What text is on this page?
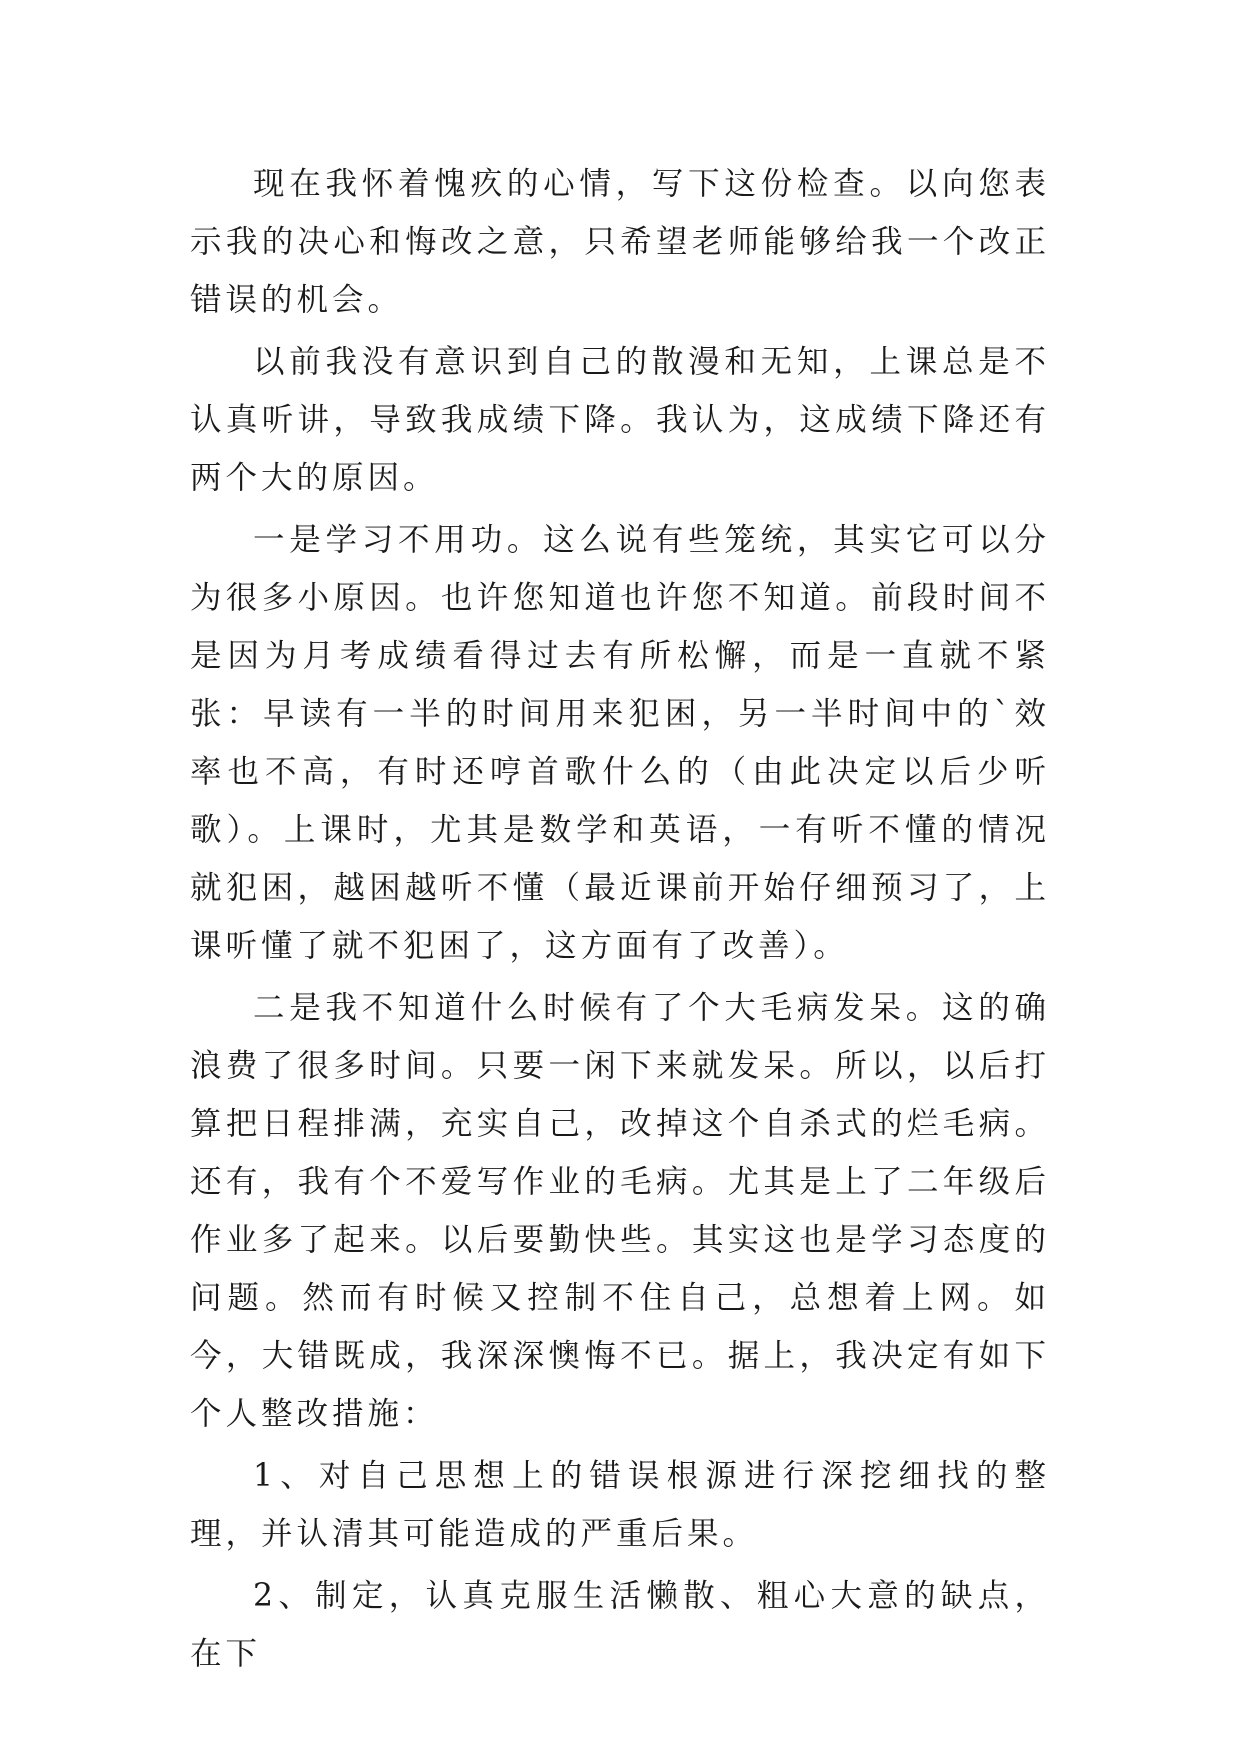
现在我怀着愧疚的心情，写下这份检查。以向您表示我的决心和悔改之意，只希望老师能够给我一个改正错误的机会。

以前我没有意识到自己的散漫和无知，上课总是不认真听讲，导致我成绩下降。我认为，这成绩下降还有两个大的原因。

一是学习不用功。这么说有些笼统，其实它可以分为很多小原因。也许您知道也许您不知道。前段时间不是因为月考成绩看得过去有所松懈，而是一直就不紧张：早读有一半的时间用来犯困，另一半时间中的`效率也不高，有时还哼首歌什么的（由此决定以后少听歌）。上课时，尤其是数学和英语，一有听不懂的情况就犯困，越困越听不懂（最近课前开始仔细预习了，上课听懂了就不犯困了，这方面有了改善）。

二是我不知道什么时候有了个大毛病发呆。这的确浪费了很多时间。只要一闲下来就发呆。所以，以后打算把日程排满，充实自己，改掉这个自杀式的烂毛病。还有，我有个不爱写作业的毛病。尤其是上了二年级后作业多了起来。以后要勤快些。其实这也是学习态度的问题。然而有时候又控制不住自己，总想着上网。如今，大错既成，我深深懊悔不已。据上，我决定有如下个人整改措施：

1、对自己思想上的错误根源进行深挖细找的整理，并认清其可能造成的严重后果。

2、制定，认真克服生活懒散、粗心大意的缺点，在下
